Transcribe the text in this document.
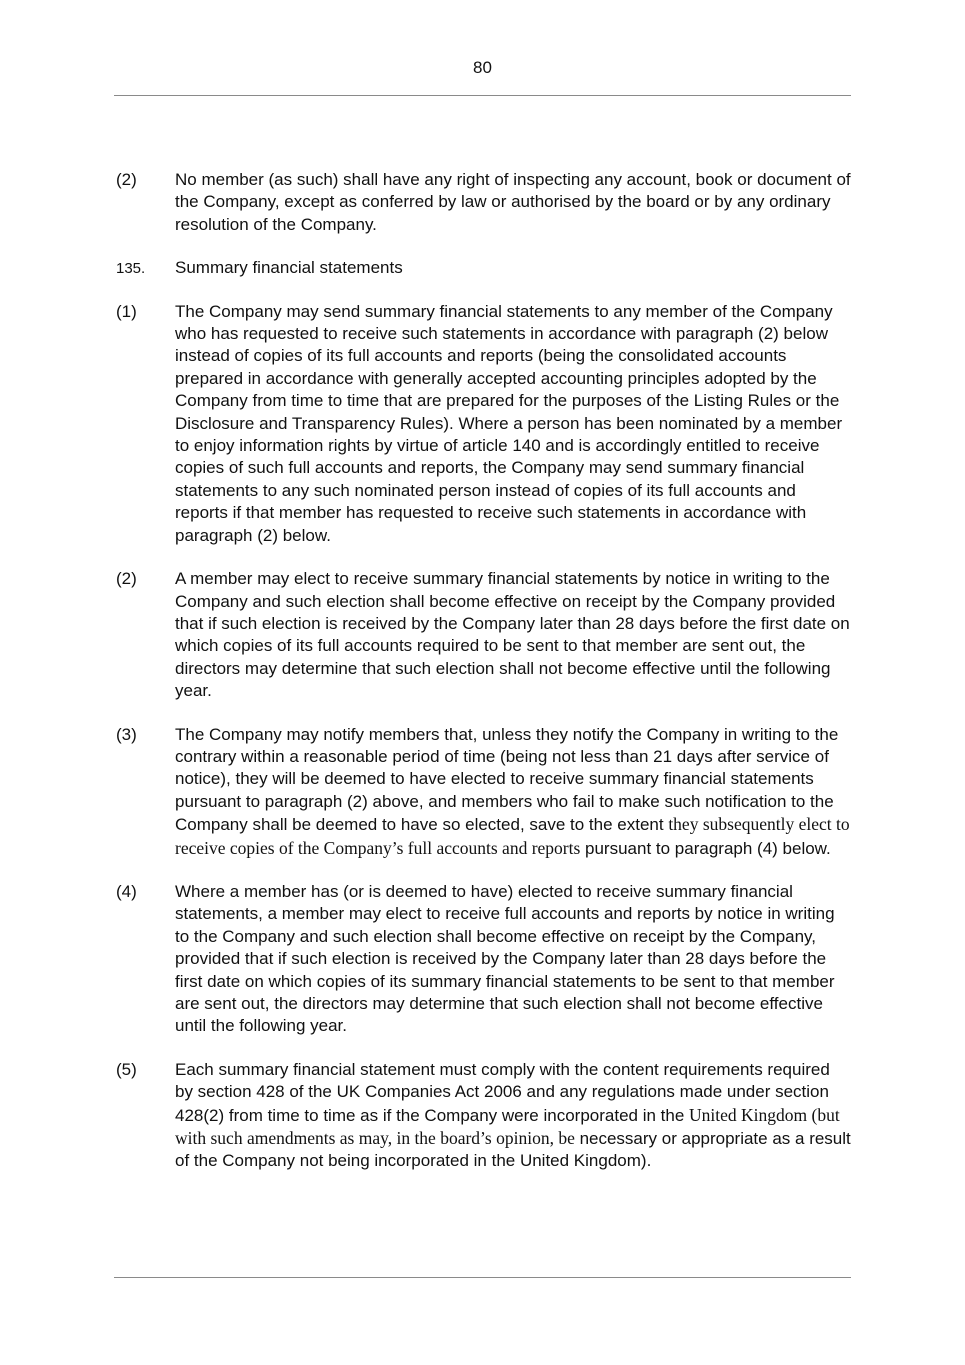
80
(2)	No member (as such) shall have any right of inspecting any account, book or document of the Company, except as conferred by law or authorised by the board or by any ordinary resolution of the Company.
135. Summary financial statements
(1)	The Company may send summary financial statements to any member of the Company who has requested to receive such statements in accordance with paragraph (2) below instead of copies of its full accounts and reports (being the consolidated accounts prepared in accordance with generally accepted accounting principles adopted by the Company from time to time that are prepared for the purposes of the Listing Rules or the Disclosure and Transparency Rules). Where a person has been nominated by a member to enjoy information rights by virtue of article 140 and is accordingly entitled to receive copies of such full accounts and reports, the Company may send summary financial statements to any such nominated person instead of copies of its full accounts and reports if that member has requested to receive such statements in accordance with paragraph (2) below.
(2)	A member may elect to receive summary financial statements by notice in writing to the Company and such election shall become effective on receipt by the Company provided that if such election is received by the Company later than 28 days before the first date on which copies of its full accounts required to be sent to that member are sent out, the directors may determine that such election shall not become effective until the following year.
(3)	The Company may notify members that, unless they notify the Company in writing to the contrary within a reasonable period of time (being not less than 21 days after service of notice), they will be deemed to have elected to receive summary financial statements pursuant to paragraph (2) above, and members who fail to make such notification to the Company shall be deemed to have so elected, save to the extent they subsequently elect to receive copies of the Company’s full accounts and reports pursuant to paragraph (4) below.
(4)	Where a member has (or is deemed to have) elected to receive summary financial statements, a member may elect to receive full accounts and reports by notice in writing to the Company and such election shall become effective on receipt by the Company, provided that if such election is received by the Company later than 28 days before the first date on which copies of its summary financial statements to be sent to that member are sent out, the directors may determine that such election shall not become effective until the following year.
(5)	Each summary financial statement must comply with the content requirements required by section 428 of the UK Companies Act 2006 and any regulations made under section 428(2) from time to time as if the Company were incorporated in the United Kingdom (but with such amendments as may, in the board’s opinion, be necessary or appropriate as a result of the Company not being incorporated in the United Kingdom).
